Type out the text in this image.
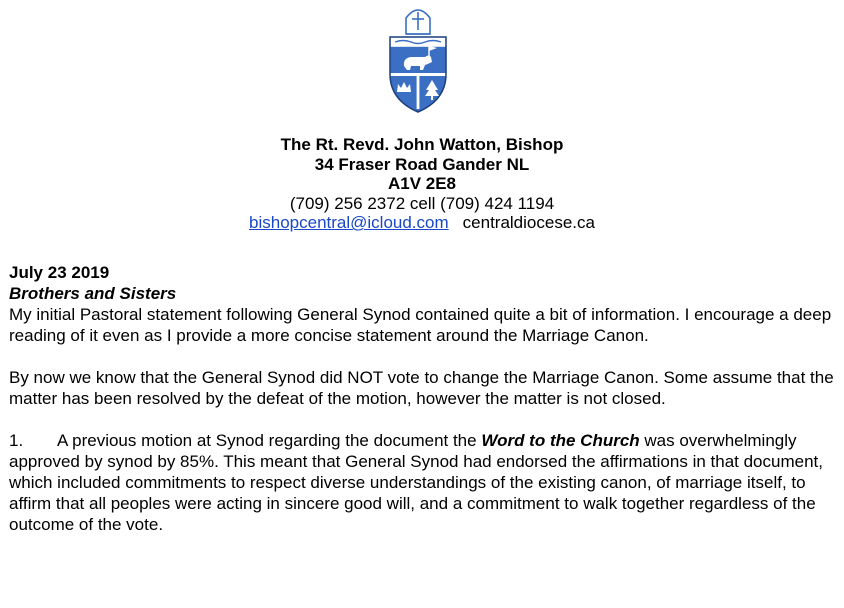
The Rt. Revd. John Watton, Bishop
34 Fraser Road Gander NL
A1V 2E8
(709) 256 2372 cell (709) 424 1194
bishopcentral@icloud.com centraldiocese.ca
July 23 2019
Brothers and Sisters

My initial Pastoral statement following General Synod contained quite a bit of information. I encourage a deep reading of it even as I provide a more concise statement around the Marriage Canon.

By now we know that the General Synod did NOT vote to change the Marriage Canon. Some assume that the matter has been resolved by the defeat of the motion, however the matter is not closed.

1. A previous motion at Synod regarding the document the Word to the Church was overwhelmingly approved by synod by 85%. This meant that General Synod had endorsed the affirmations in that document, which included commitments to respect diverse understandings of the existing canon, of marriage itself, to affirm that all peoples were acting in sincere good will, and a commitment to walk together regardless of the outcome of the vote.
